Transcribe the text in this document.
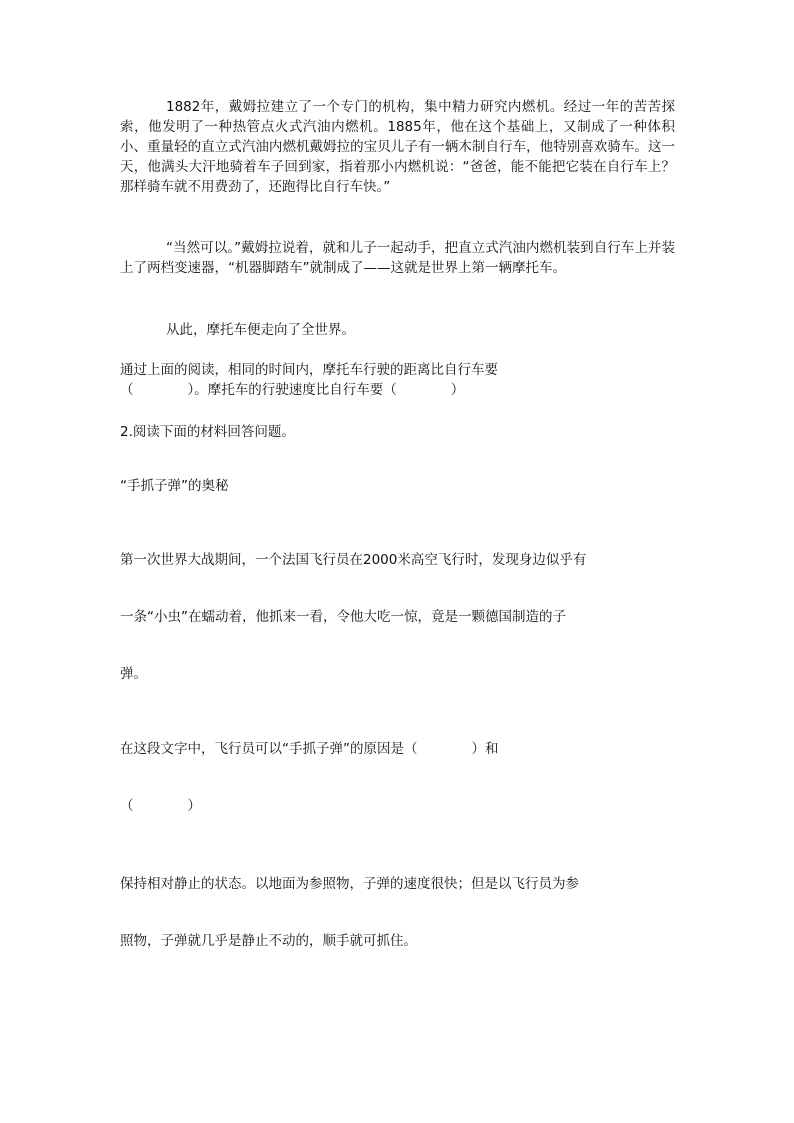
1882年，戴姆拉建立了一个专门的机构，集中精力研究内燃机。经过一年的苦苦探索，他发明了一种热管点火式汽油内燃机。1885年，他在这个基础上，又制成了一种体积小、重量轻的直立式汽油内燃机戴姆拉的宝贝儿子有一辆木制自行车，他特别喜欢骑车。这一天，他满头大汗地骑着车子回到家，指着那小内燃机说：“爸爸，能不能把它装在自行车上？那样骑车就不用费劲了，还跑得比自行车快。”
“当然可以。”戴姆拉说着，就和儿子一起动手，把直立式汽油内燃机装到自行车上并装上了两档变速器，“机器脚踏车”就制成了——这就是世界上第一辆摩托车。
从此，摩托车便走向了全世界。
通过上面的阅读，相同的时间内，摩托车行驶的距离比自行车要
（　　　　）。摩托车的行驶速度比自行车要（　　　　）
2.阅读下面的材料回答问题。
“手抓子弹”的奥秘
第一次世界大战期间，一个法国飞行员在2000米高空飞行时，发现身边似乎有
一条“小虫”在蠕动着，他抓来一看，令他大吃一惊，竟是一颗德国制造的子
弹。
在这段文字中，飞行员可以“手抓子弹”的原因是（　　　　）和
（　　　　）
保持相对静止的状态。以地面为参照物，子弹的速度很快；但是以飞行员为参
照物，子弹就几乎是静止不动的，顺手就可抓住。
